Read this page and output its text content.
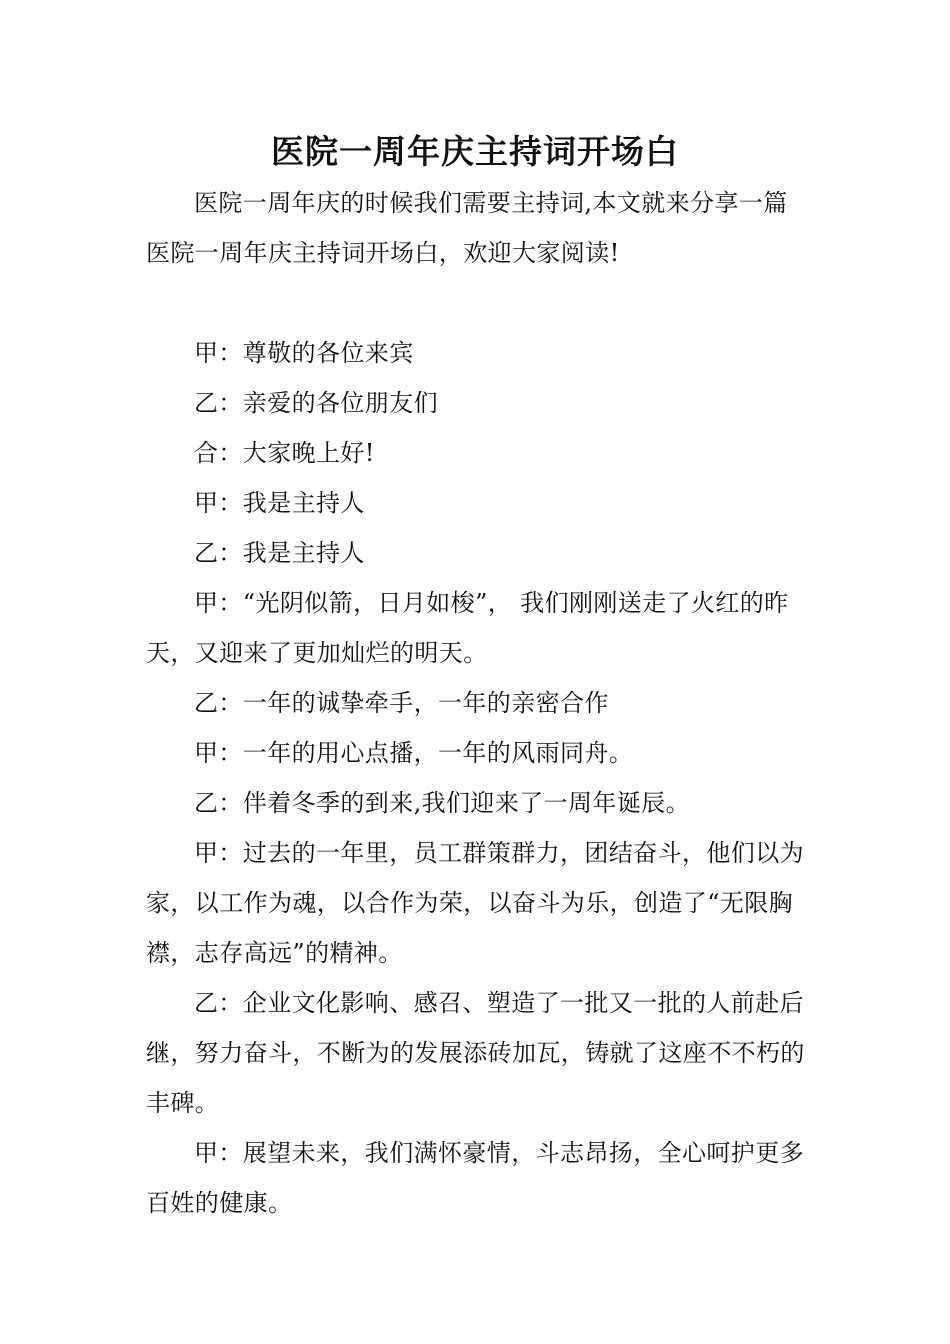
医院一周年庆主持词开场白

医院一周年庆的时候我们需要主持词,本文就来分享一篇医院一周年庆主持词开场白，欢迎大家阅读!

甲：尊敬的各位来宾

乙：亲爱的各位朋友们

合：大家晚上好!

甲：我是主持人

乙：我是主持人

甲：“光阴似箭，日月如梭”， 我们刚刚送走了火红的昨天，又迎来了更加灿烂的明天。

乙：一年的诚挚牵手，一年的亲密合作

甲：一年的用心点播，一年的风雨同舟。

乙：伴着冬季的到来,我们迎来了一周年诞辰。

甲：过去的一年里，员工群策群力，团结奋斗，他们以为家，以工作为魂，以合作为荣，以奋斗为乐，创造了“无限胸襟，志存高远”的精神。

乙：企业文化影响、感召、塑造了一批又一批的人前赴后继，努力奋斗，不断为的发展添砖加瓦，铸就了这座不不朽的丰碑。

甲：展望未来，我们满怀豪情，斗志昂扬，全心呵护更多百姓的健康。
